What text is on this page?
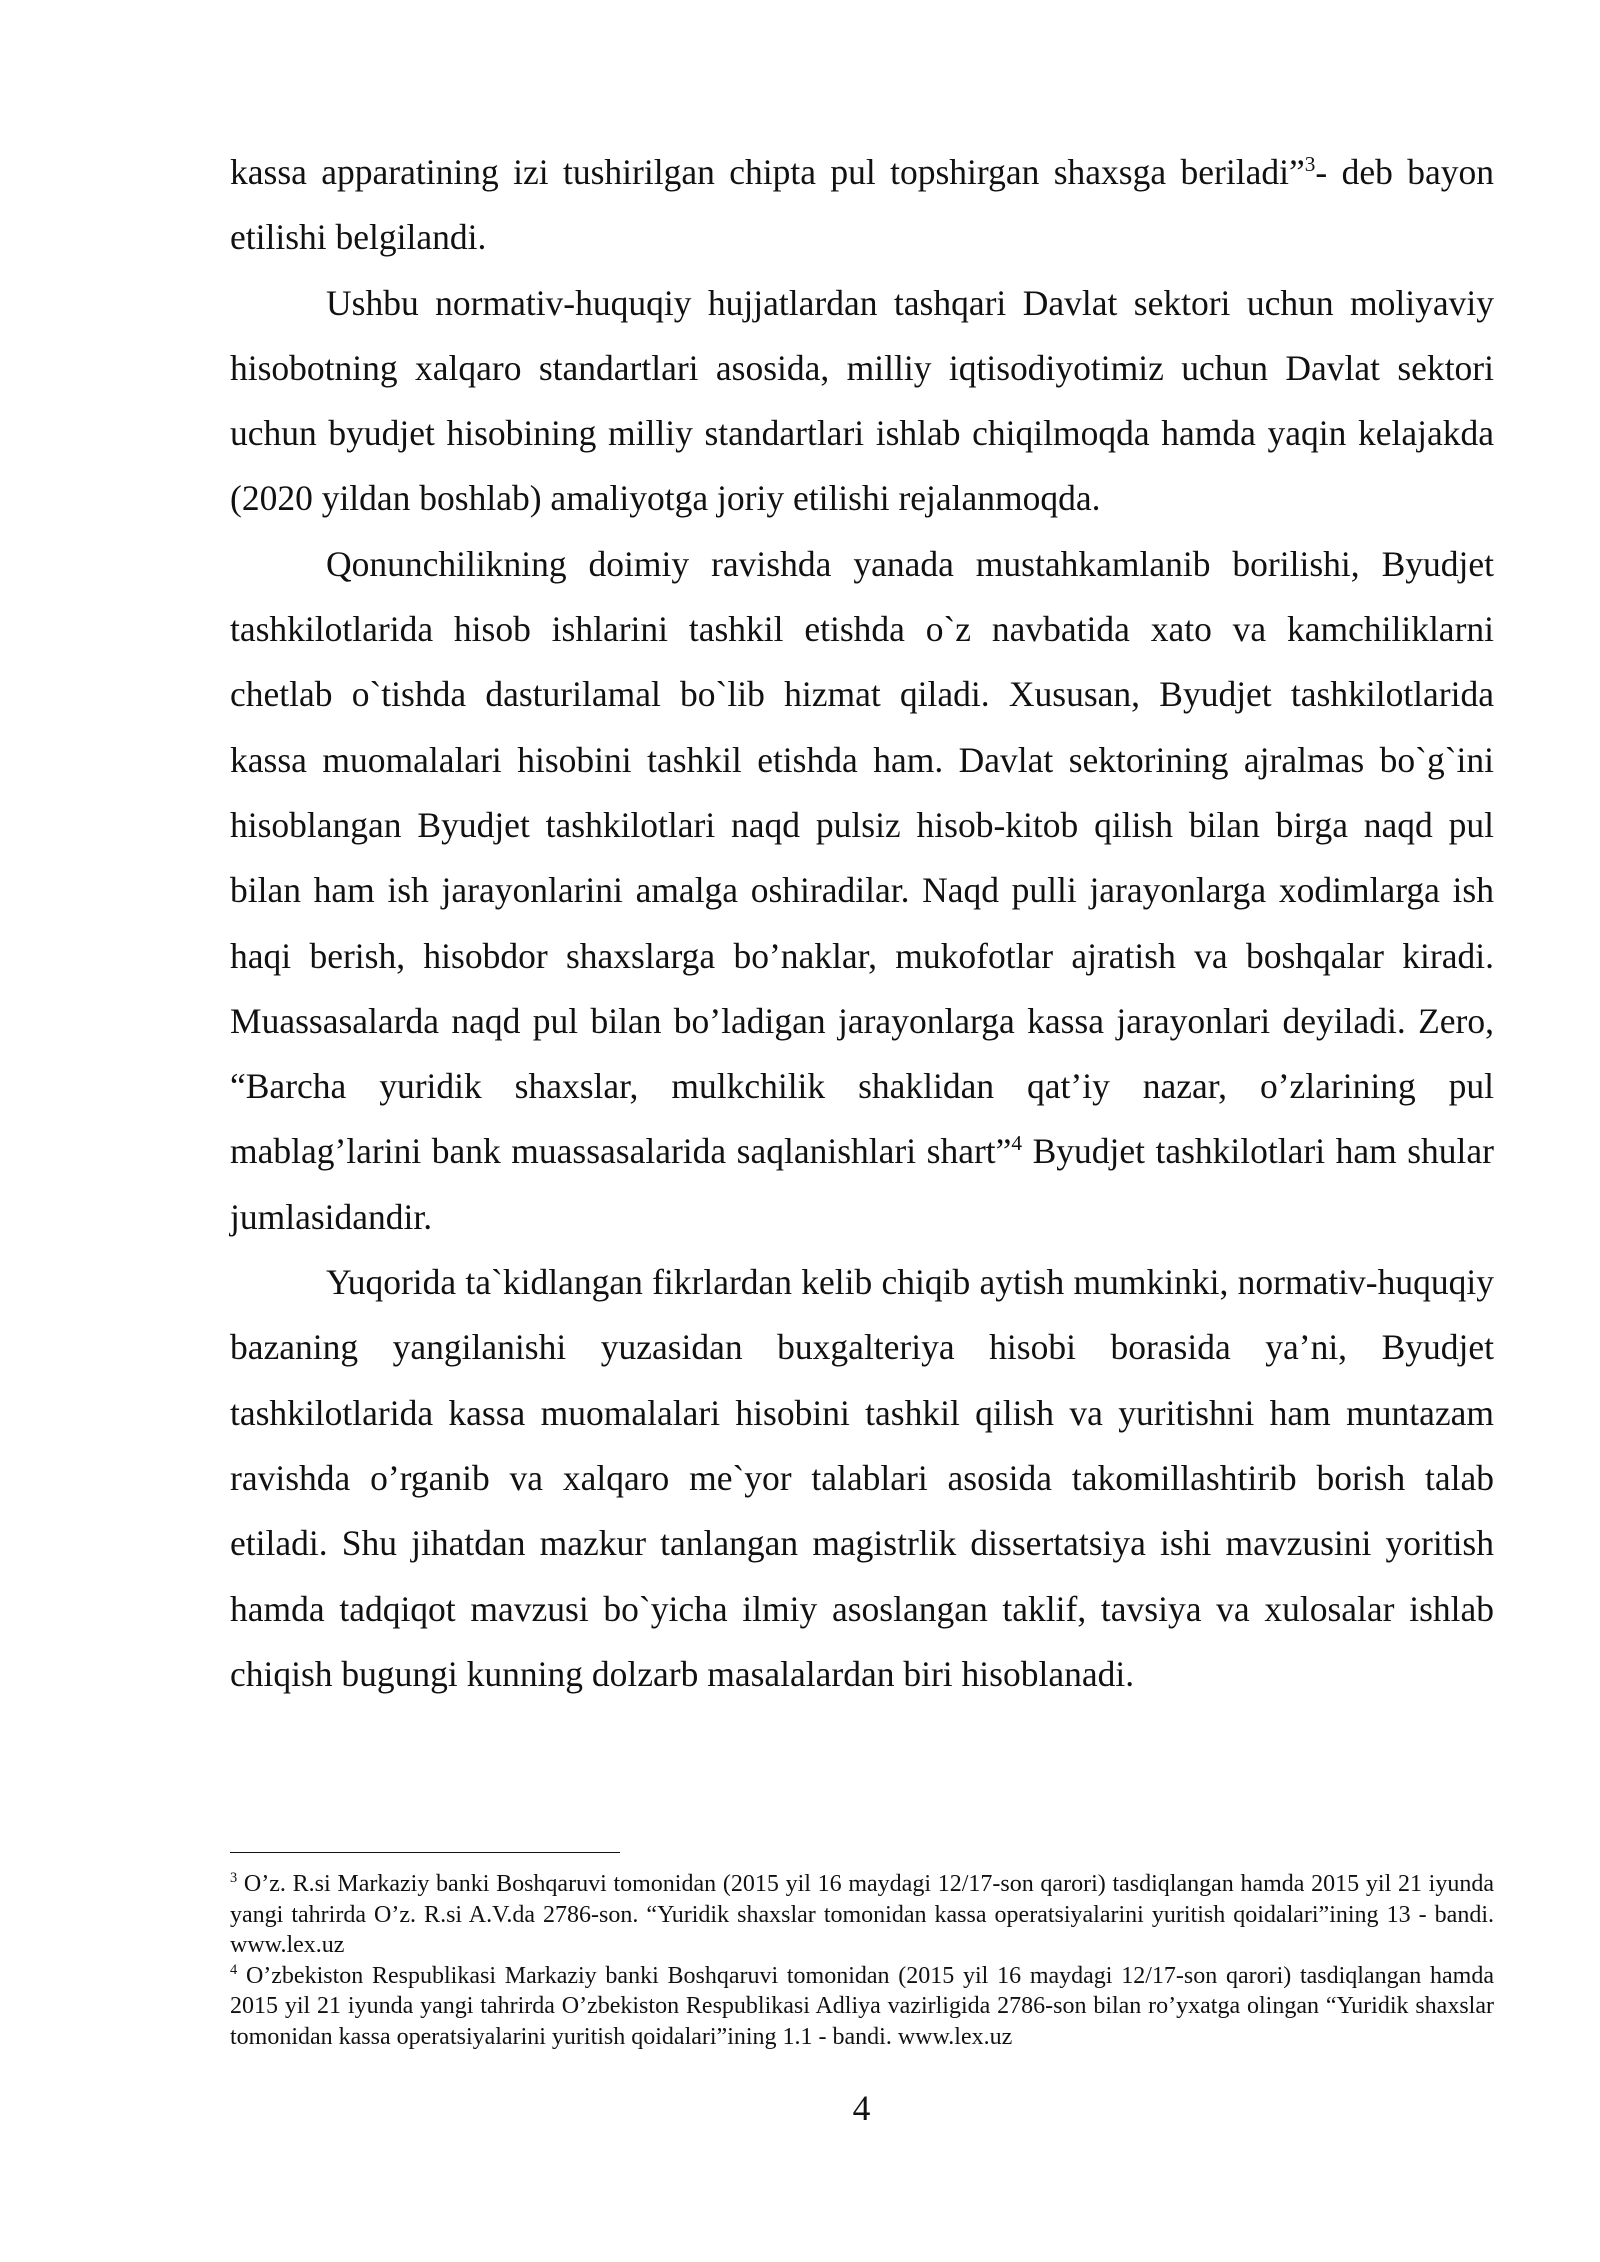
kassa apparatining izi tushirilgan chipta pul topshirgan shaxsga beriladi”$^3$- deb bayon etilishi belgilandi.

Ushbu normativ-huquqiy hujjatlardan tashqari Davlat sektori uchun moliyaviy hisobotning xalqaro standartlari asosida, milliy iqtisodiyotimiz uchun Davlat sektori uchun byudjet hisobining milliy standartlari ishlab chiqilmoqda hamda yaqin kelajakda (2020 yildan boshlab) amaliyotga joriy etilishi rejalanmoqda.

Qonunchilikning doimiy ravishda yanada mustahkamlanib borilishi, Byudjet tashkilotlarida hisob ishlarini tashkil etishda o`z navbatida xato va kamchiliklarni chetlab o`tishda dasturilamal bo`lib hizmat qiladi. Xususan, Byudjet tashkilotlarida kassa muomalalari hisobini tashkil etishda ham. Davlat sektorining ajralmas bo`g`ini hisoblangan Byudjet tashkilotlari naqd pulsiz hisob-kitob qilish bilan birga naqd pul bilan ham ish jarayonlarini amalga oshiradilar. Naqd pulli jarayonlarga xodimlarga ish haqi berish, hisobdor shaxslarga bo’naklar, mukofotlar ajratish va boshqalar kiradi. Muassasalarda naqd pul bilan bo’ladigan jarayonlarga kassa jarayonlari deyiladi. Zero, “Barcha yuridik shaxslar, mulkchilik shaklidan qat’iy nazar, o’zlarining pul mablag’larini bank muassasalarida saqlanishlari shart”$^4$ Byudjet tashkilotlari ham shular jumlasidandir.

Yuqorida ta`kidlangan fikrlardan kelib chiqib aytish mumkinki, normativ-huquqiy bazaning yangilanishi yuzasidan buxgalteriya hisobi borasida ya’ni, Byudjet tashkilotlarida kassa muomalalari hisobini tashkil qilish va yuritishni ham muntazam ravishda o’rganib va xalqaro me`yor talablari asosida takomillashtirib borish talab etiladi. Shu jihatdan mazkur tanlangan magistrlik dissertatsiya ishi mavzusini yoritish hamda tadqiqot mavzusi bo`yicha ilmiy asoslangan taklif, tavsiya va xulosalar ishlab chiqish bugungi kunning dolzarb masalalardan biri hisoblanadi.

$^3$ O’z. R.si Markaziy banki Boshqaruvi tomonidan (2015 yil 16 maydagi 12/17-son qarori) tasdiqlangan hamda 2015 yil 21 iyunda yangi tahrirda O’z. R.si A.V.da 2786-son. “Yuridik shaxslar tomonidan kassa operatsiyalarini yuritish qoidalari”ining 13 - bandi. www.lex.uz

$^4$ O’zbekiston Respublikasi Markaziy banki Boshqaruvi tomonidan (2015 yil 16 maydagi 12/17-son qarori) tasdiqlangan hamda 2015 yil 21 iyunda yangi tahrirda O’zbekiston Respublikasi Adliya vazirligida 2786-son bilan ro’yxatga olingan “Yuridik shaxslar tomonidan kassa operatsiyalarini yuritish qoidalari”ining 1.1 - bandi. www.lex.uz

4
